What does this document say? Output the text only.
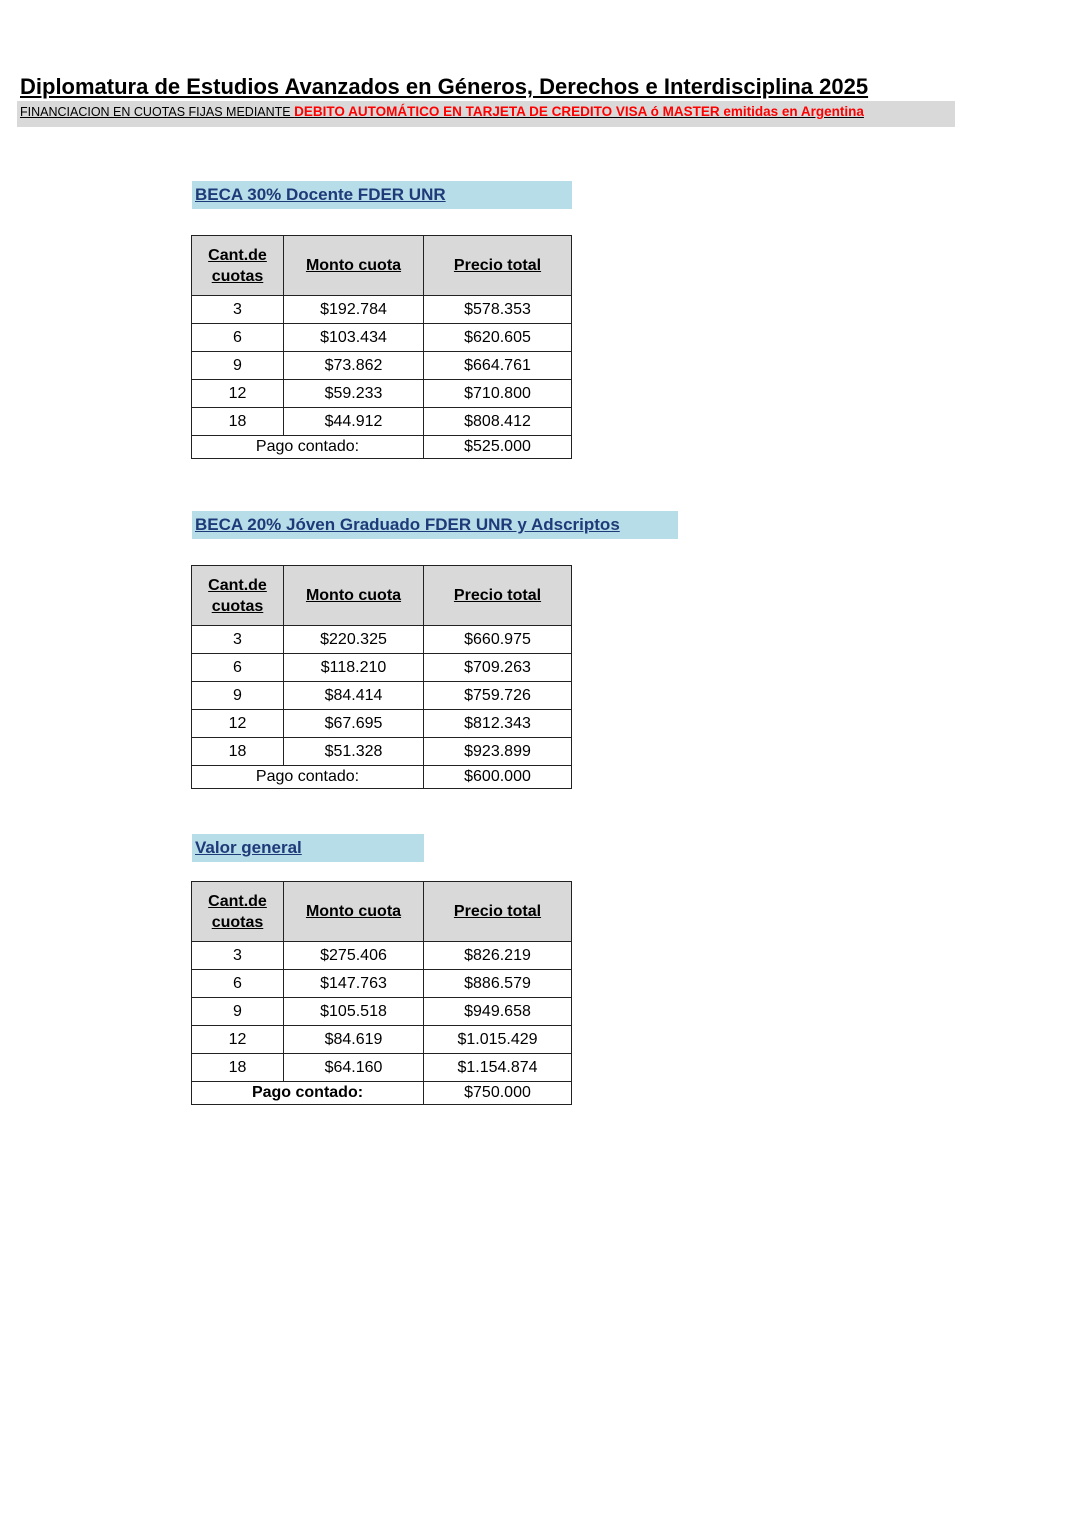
Diplomatura de Estudios Avanzados en Géneros, Derechos e Interdisciplina 2025
FINANCIACION EN CUOTAS FIJAS MEDIANTE DEBITO AUTOMÁTICO EN TARJETA DE CREDITO VISA ó MASTER emitidas en Argentina
BECA 30% Docente FDER UNR
Cant.de
cuotas	Monto cuota	Precio total
3	$192.784	$578.353
6	$103.434	$620.605
9	$73.862	$664.761
12	$59.233	$710.800
18	$44.912	$808.412
Pago contado:		$525.000
BECA 20% Jóven Graduado FDER UNR y Adscriptos
Cant.de
cuotas	Monto cuota	Precio total
3	$220.325	$660.975
6	$118.210	$709.263
9	$84.414	$759.726
12	$67.695	$812.343
18	$51.328	$923.899
Pago contado:		$600.000
Valor general
Cant.de
cuotas	Monto cuota	Precio total
3	$275.406	$826.219
6	$147.763	$886.579
9	$105.518	$949.658
12	$84.619	$1.015.429
18	$64.160	$1.154.874
Pago contado:		$750.000
